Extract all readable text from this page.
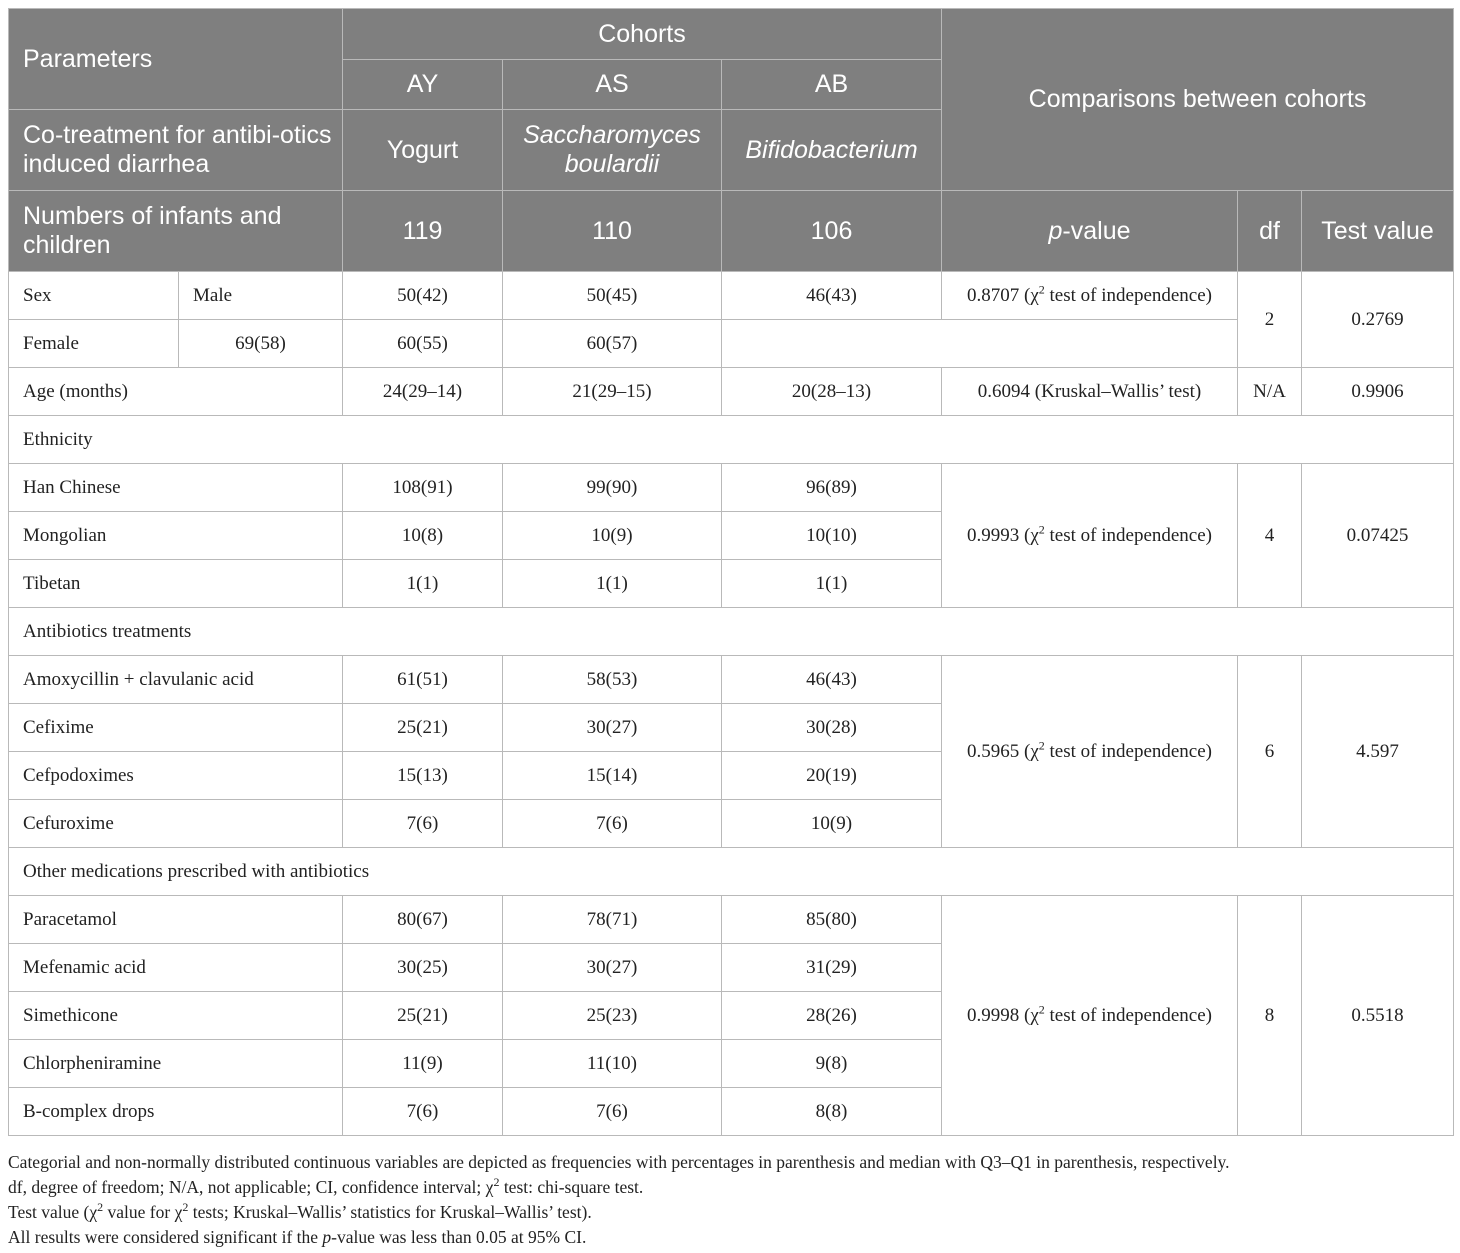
Parameters		Cohorts			Comparisons between cohorts		
		AY	AS	AB			
Co-treatment for antibi-otics induced diarrhea		Yogurt	Saccharomyces boulardii	Bifidobacterium			
Numbers of infants and children		119	110	106	p-value	df	Test value
Sex	Male	50(42)	50(45)	46(43)	0.8707 ($\chi^2$ test of independence)	2	0.2769
Female	69(58)	60(55)	60(57)				
Age (months)		24(29–14)	21(29–15)	20(28–13)	0.6094 (Kruskal–Wallis’ test)	N/A	0.9906
Ethnicity							
Han Chinese		108(91)	99(90)	96(89)	0.9993 ($\chi^2$ test of independence)	4	0.07425
Mongolian		10(8)	10(9)	10(10)			
Tibetan		1(1)	1(1)	1(1)			
Antibiotics treatments							
Amoxycillin + clavulanic acid		61(51)	58(53)	46(43)	0.5965 ($\chi^2$ test of independence)	6	4.597
Cefixime		25(21)	30(27)	30(28)			
Cefpodoximes		15(13)	15(14)	20(19)			
Cefuroxime		7(6)	7(6)	10(9)			
Other medications prescribed with antibiotics							
Paracetamol		80(67)	78(71)	85(80)	0.9998 ($\chi^2$ test of independence)	8	0.5518
Mefenamic acid		30(25)	30(27)	31(29)			
Simethicone		25(21)	25(23)	28(26)			
Chlorpheniramine		11(9)	11(10)	9(8)			
B-complex drops		7(6)	7(6)	8(8)			

Categorial and non-normally distributed continuous variables are depicted as frequencies with percentages in parenthesis and median with Q3–Q1 in parenthesis, respectively.

df, degree of freedom; N/A, not applicable; CI, confidence interval; $\chi^2$ test: chi-square test.

Test value ($\chi^2$ value for $\chi^2$ tests; Kruskal–Wallis’ statistics for Kruskal–Wallis’ test).

All results were considered significant if the p-value was less than 0.05 at 95% CI.
